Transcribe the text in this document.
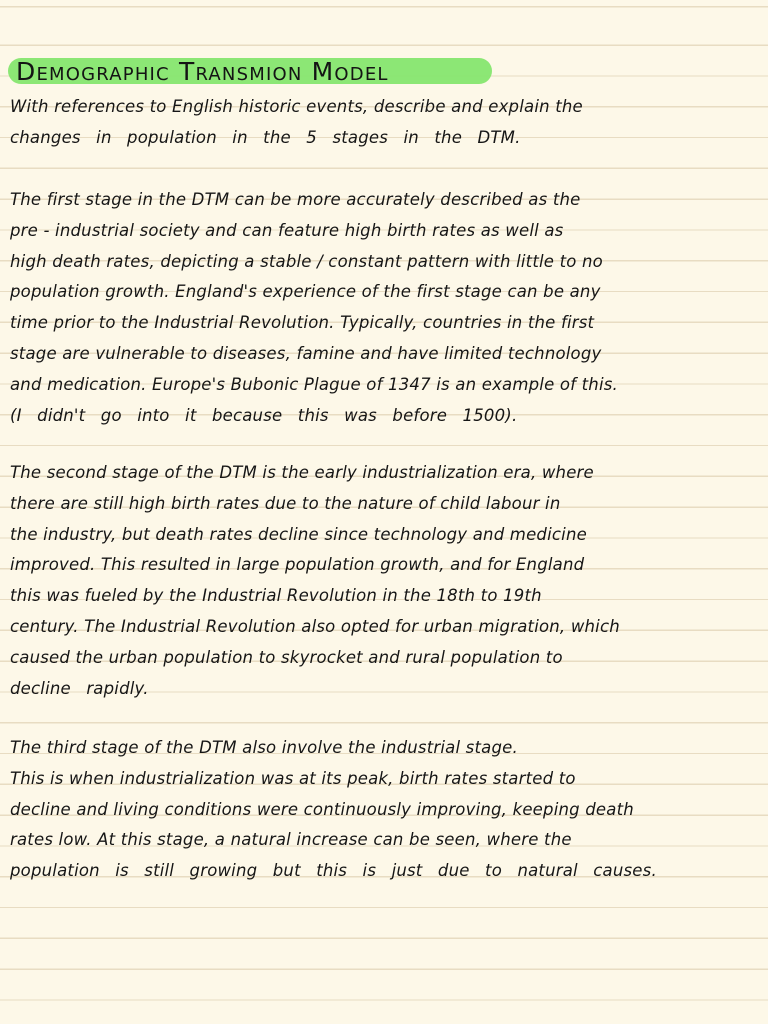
Demographic Transmion Model
With references to English historic events, describe and explain the
changes in population in the 5 stages in the DTM.
The first stage in the DTM can be more accurately described as the
pre - industrial society and can feature high birth rates as well as
high death rates, depicting a stable / constant pattern with little to no
population growth. England's experience of the first stage can be any
time prior to the Industrial Revolution. Typically, countries in the first
stage are vulnerable to diseases, famine and have limited technology
and medication. Europe's Bubonic Plague of 1347 is an example of this.
(I didn't go into it because this was before 1500).
The second stage of the DTM is the early industrialization era, where
there are still high birth rates due to the nature of child labour in
the industry, but death rates decline since technology and medicine
improved. This resulted in large population growth, and for England
this was fueled by the Industrial Revolution in the 18th to 19th
century. The Industrial Revolution also opted for urban migration, which
caused the urban population to skyrocket and rural population to
decline rapidly.
The third stage of the DTM also involve the industrial stage.
This is when industrialization was at its peak, birth rates started to
decline and living conditions were continuously improving, keeping death
rates low. At this stage, a natural increase can be seen, where the
population is still growing but this is just due to natural causes.
